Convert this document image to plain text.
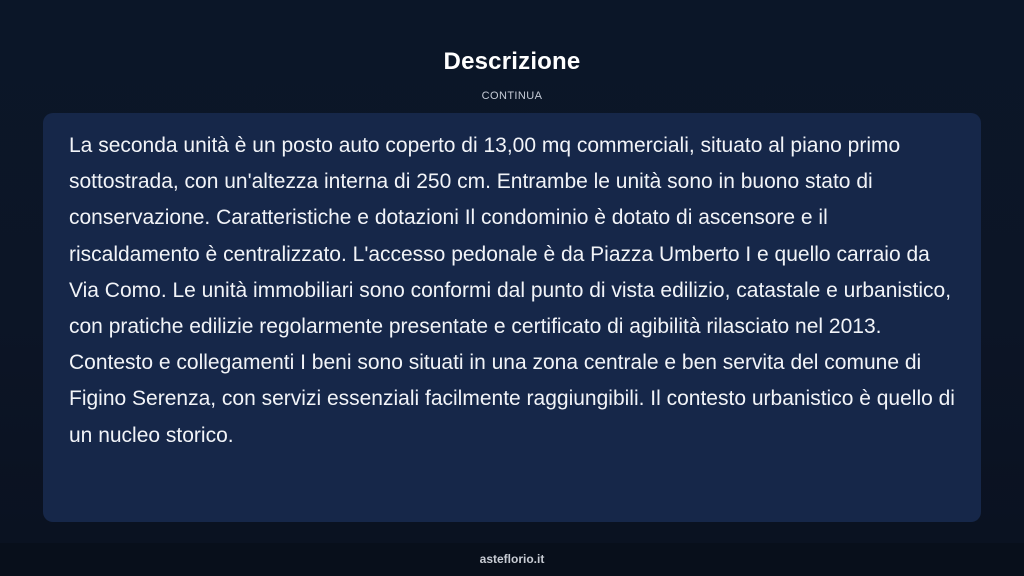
Descrizione
CONTINUA

La seconda unità è un posto auto coperto di 13,00 mq commerciali, situato al piano primo sottostrada, con un'altezza interna di 250 cm. Entrambe le unità sono in buono stato di conservazione. Caratteristiche e dotazioni Il condominio è dotato di ascensore e il riscaldamento è centralizzato. L'accesso pedonale è da Piazza Umberto I e quello carraio da Via Como. Le unità immobiliari sono conformi dal punto di vista edilizio, catastale e urbanistico, con pratiche edilizie regolarmente presentate e certificato di agibilità rilasciato nel 2013. Contesto e collegamenti I beni sono situati in una zona centrale e ben servita del comune di Figino Serenza, con servizi essenziali facilmente raggiungibili. Il contesto urbanistico è quello di un nucleo storico.

asteflorio.it
